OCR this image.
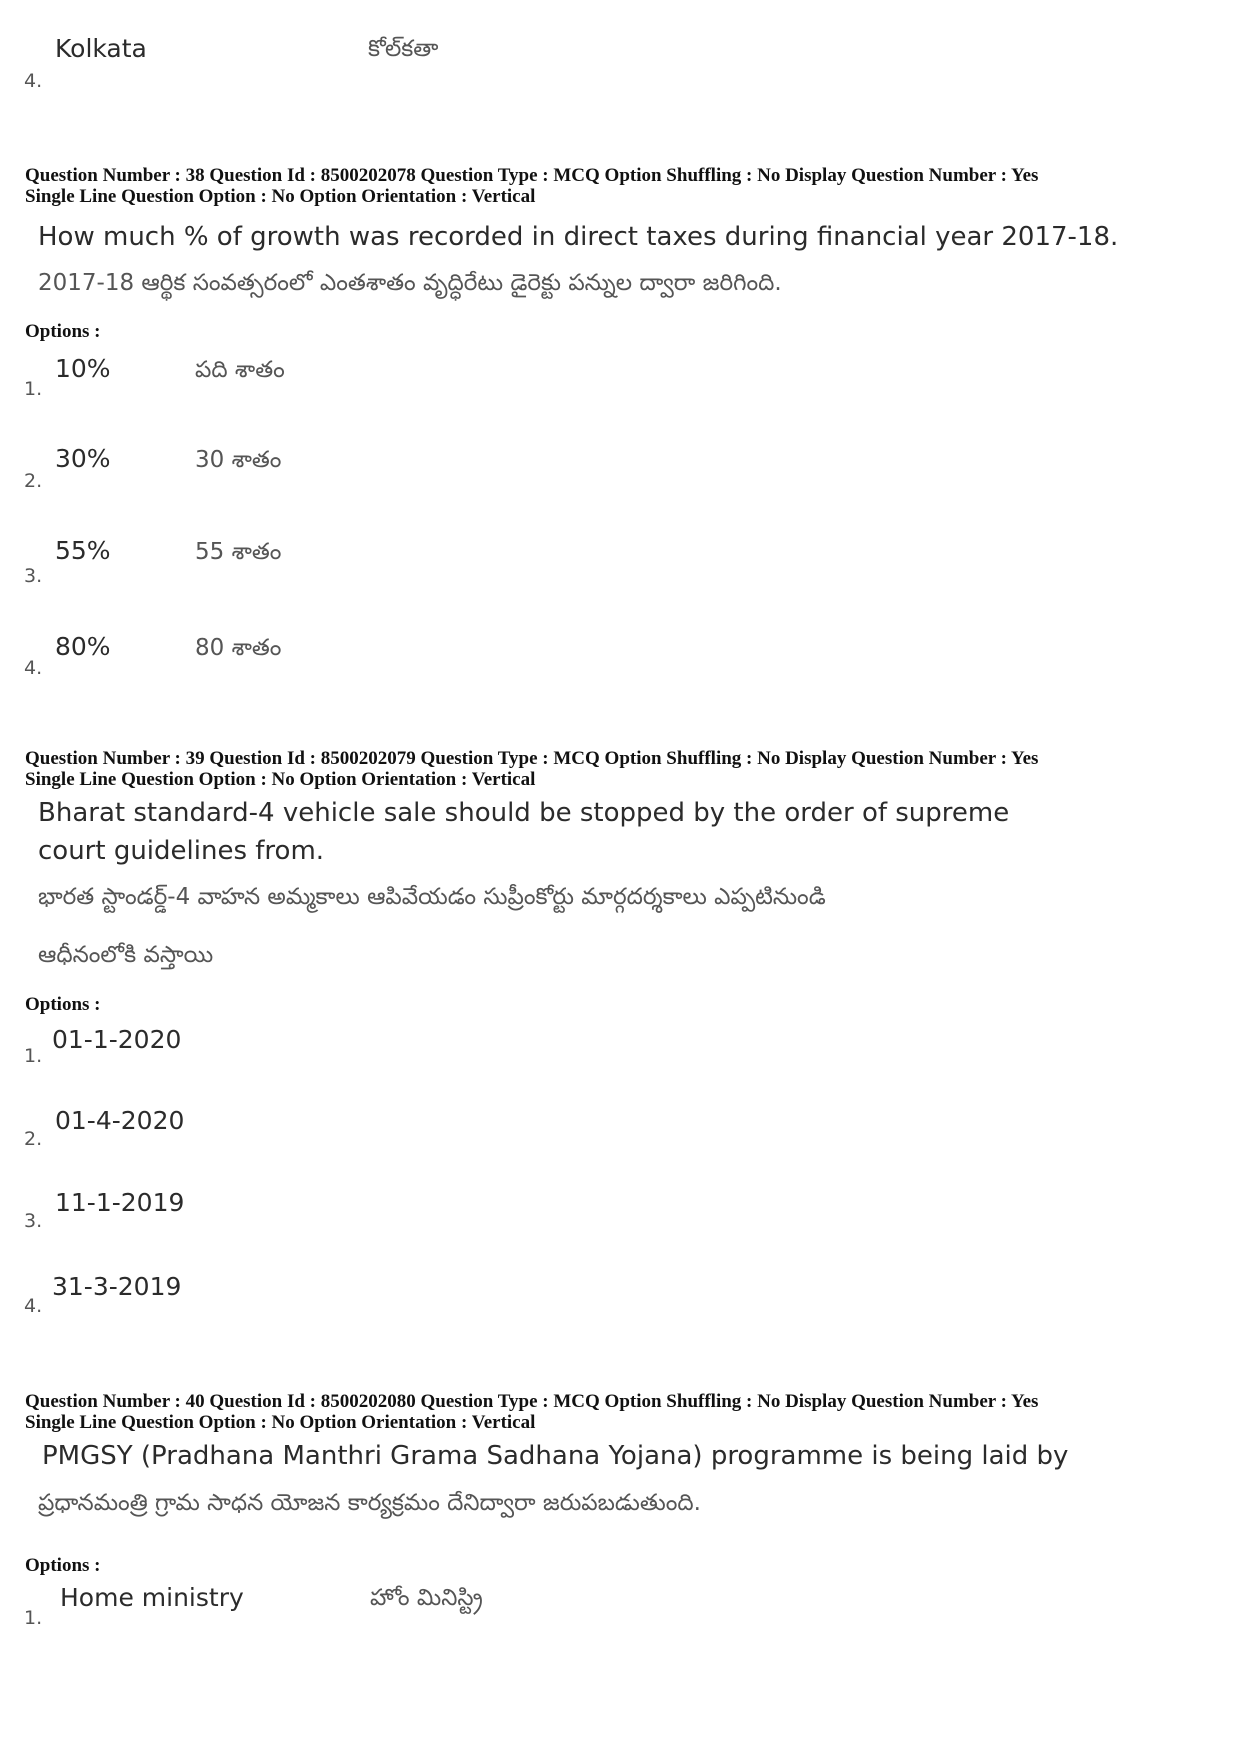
Kolkata	కోల్‌కతా
4.
Question Number : 38 Question Id : 8500202078 Question Type : MCQ Option Shuffling : No Display Question Number : Yes
Single Line Question Option : No Option Orientation : Vertical
How much % of growth was recorded in direct taxes during financial year 2017-18.
2017-18 ఆర్థిక సంవత్సరంలో ఎంతశాతం వృద్ధిరేటు డైరెక్టు పన్నుల ద్వారా జరిగింది.
Options :
1.
10%	పది శాతం
2.
30%	30 శాతం
3.
55%	55 శాతం
4.
80%	80 శాతం
Question Number : 39 Question Id : 8500202079 Question Type : MCQ Option Shuffling : No Display Question Number : Yes
Single Line Question Option : No Option Orientation : Vertical
Bharat standard-4 vehicle sale should be stopped by the order of supreme
court guidelines from.
భారత స్టాండర్డ్-4 వాహన అమ్మకాలు ఆపివేయడం సుప్రీంకోర్టు మార్గదర్శకాలు ఎప్పటినుండి
ఆధీనంలోకి వస్తాయి
Options :
1.
01-1-2020
2.
01-4-2020
3.
11-1-2019
4.
31-3-2019
Question Number : 40 Question Id : 8500202080 Question Type : MCQ Option Shuffling : No Display Question Number : Yes
Single Line Question Option : No Option Orientation : Vertical
PMGSY (Pradhana Manthri Grama Sadhana Yojana) programme is being laid by
ప్రధానమంత్రి గ్రామ సాధన యోజన కార్యక్రమం దేనిద్వారా జరుపబడుతుంది.
Options :
1.
Home ministry	హోం మినిస్ట్రి
